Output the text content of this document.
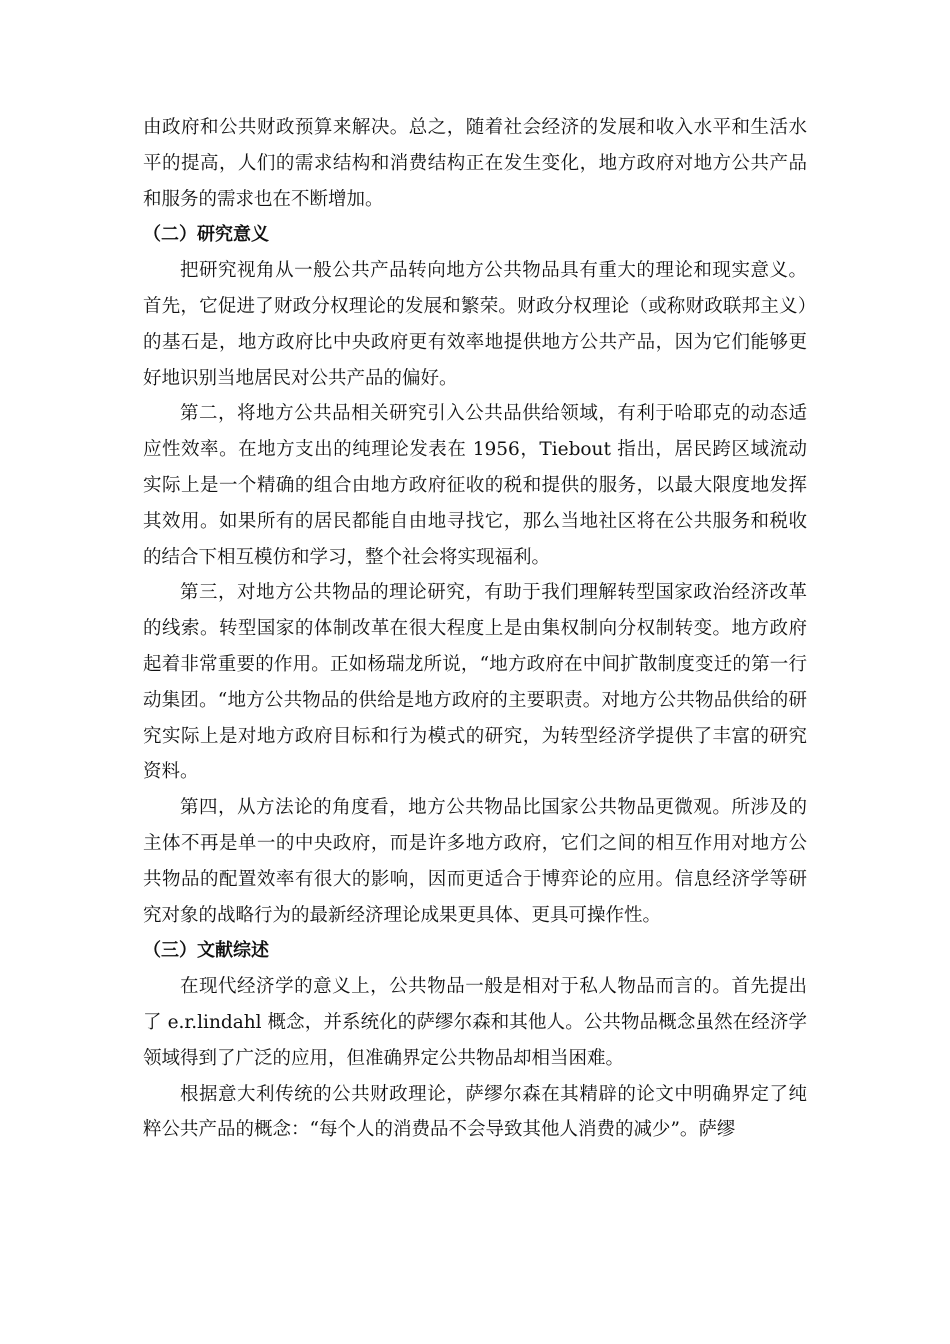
由政府和公共财政预算来解决。总之，随着社会经济的发展和收入水平和生活水平的提高，人们的需求结构和消费结构正在发生变化，地方政府对地方公共产品和服务的需求也在不断增加。

（二）研究意义

把研究视角从一般公共产品转向地方公共物品具有重大的理论和现实意义。首先，它促进了财政分权理论的发展和繁荣。财政分权理论（或称财政联邦主义）的基石是，地方政府比中央政府更有效率地提供地方公共产品，因为它们能够更好地识别当地居民对公共产品的偏好。

第二，将地方公共品相关研究引入公共品供给领域，有利于哈耶克的动态适应性效率。在地方支出的纯理论发表在 1956，Tiebout 指出，居民跨区域流动实际上是一个精确的组合由地方政府征收的税和提供的服务，以最大限度地发挥其效用。如果所有的居民都能自由地寻找它，那么当地社区将在公共服务和税收的结合下相互模仿和学习，整个社会将实现福利。

第三，对地方公共物品的理论研究，有助于我们理解转型国家政治经济改革的线索。转型国家的体制改革在很大程度上是由集权制向分权制转变。地方政府起着非常重要的作用。正如杨瑞龙所说，“地方政府在中间扩散制度变迁的第一行动集团。“地方公共物品的供给是地方政府的主要职责。对地方公共物品供给的研究实际上是对地方政府目标和行为模式的研究，为转型经济学提供了丰富的研究资料。

第四，从方法论的角度看，地方公共物品比国家公共物品更微观。所涉及的主体不再是单一的中央政府，而是许多地方政府，它们之间的相互作用对地方公共物品的配置效率有很大的影响，因而更适合于博弈论的应用。信息经济学等研究对象的战略行为的最新经济理论成果更具体、更具可操作性。

（三）文献综述

在现代经济学的意义上，公共物品一般是相对于私人物品而言的。首先提出了 e.r.lindahl 概念，并系统化的萨缪尔森和其他人。公共物品概念虽然在经济学领域得到了广泛的应用，但准确界定公共物品却相当困难。

根据意大利传统的公共财政理论，萨缪尔森在其精辟的论文中明确界定了纯粹公共产品的概念：“每个人的消费品不会导致其他人消费的减少”。萨缪
